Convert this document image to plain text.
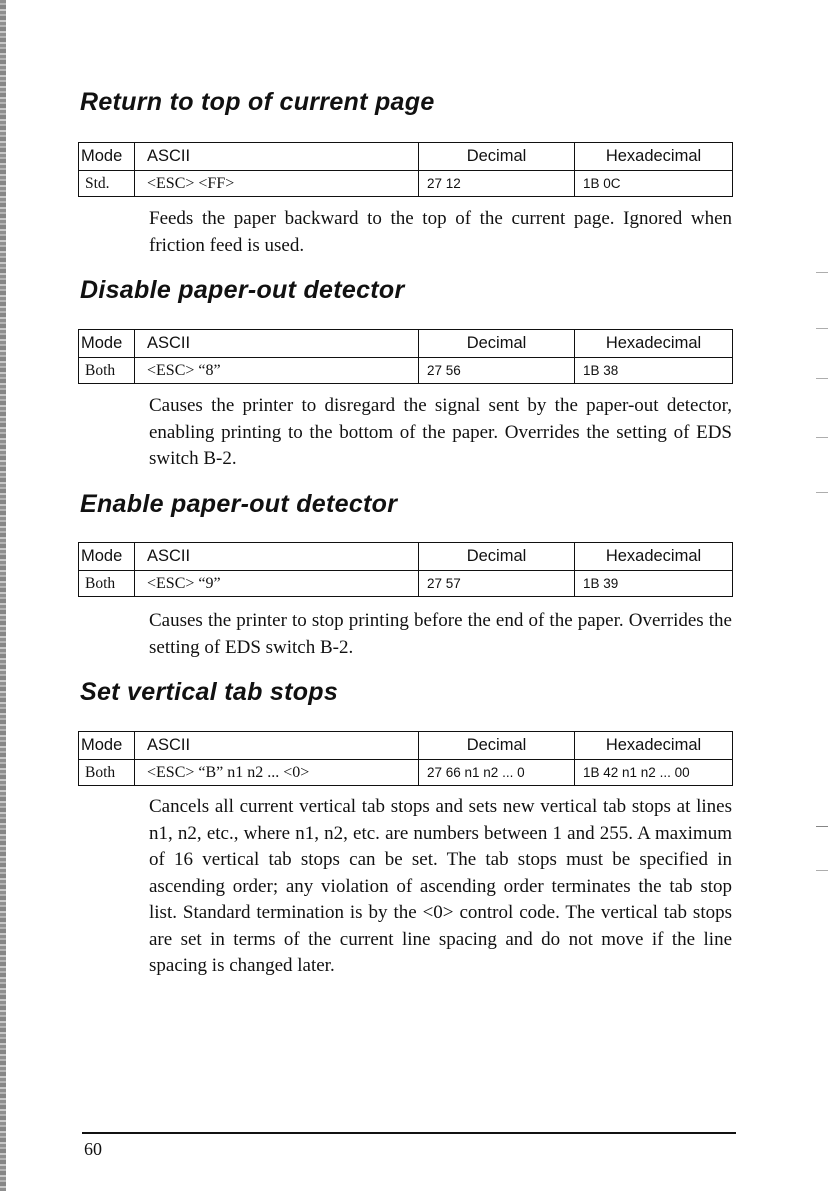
Return to top of current page
Mode	ASCII	Decimal	Hexadecimal
Std.	<ESC> <FF>	27 12	1B 0C

Feeds the paper backward to the top of the current page. Ignored when friction feed is used.

Disable paper-out detector
Mode	ASCII	Decimal	Hexadecimal
Both	<ESC> “8”	27 56	1B 38

Causes the printer to disregard the signal sent by the paper-out detector, enabling printing to the bottom of the paper. Overrides the setting of EDS switch B-2.

Enable paper-out detector
Mode	ASCII	Decimal	Hexadecimal
Both	<ESC> “9”	27 57	1B 39

Causes the printer to stop printing before the end of the paper. Overrides the setting of EDS switch B-2.

Set vertical tab stops
Mode	ASCII	Decimal	Hexadecimal
Both	<ESC> “B” n1 n2 ... <0>	27 66 n1 n2 ... 0	1B 42 n1 n2 ... 00

Cancels all current vertical tab stops and sets new vertical tab stops at lines n1, n2, etc., where n1, n2, etc. are numbers between 1 and 255. A maximum of 16 vertical tab stops can be set. The tab stops must be specified in ascending order; any violation of ascending order terminates the tab stop list. Standard termination is by the <0> control code. The vertical tab stops are set in terms of the current line spacing and do not move if the line spacing is changed later.

60
